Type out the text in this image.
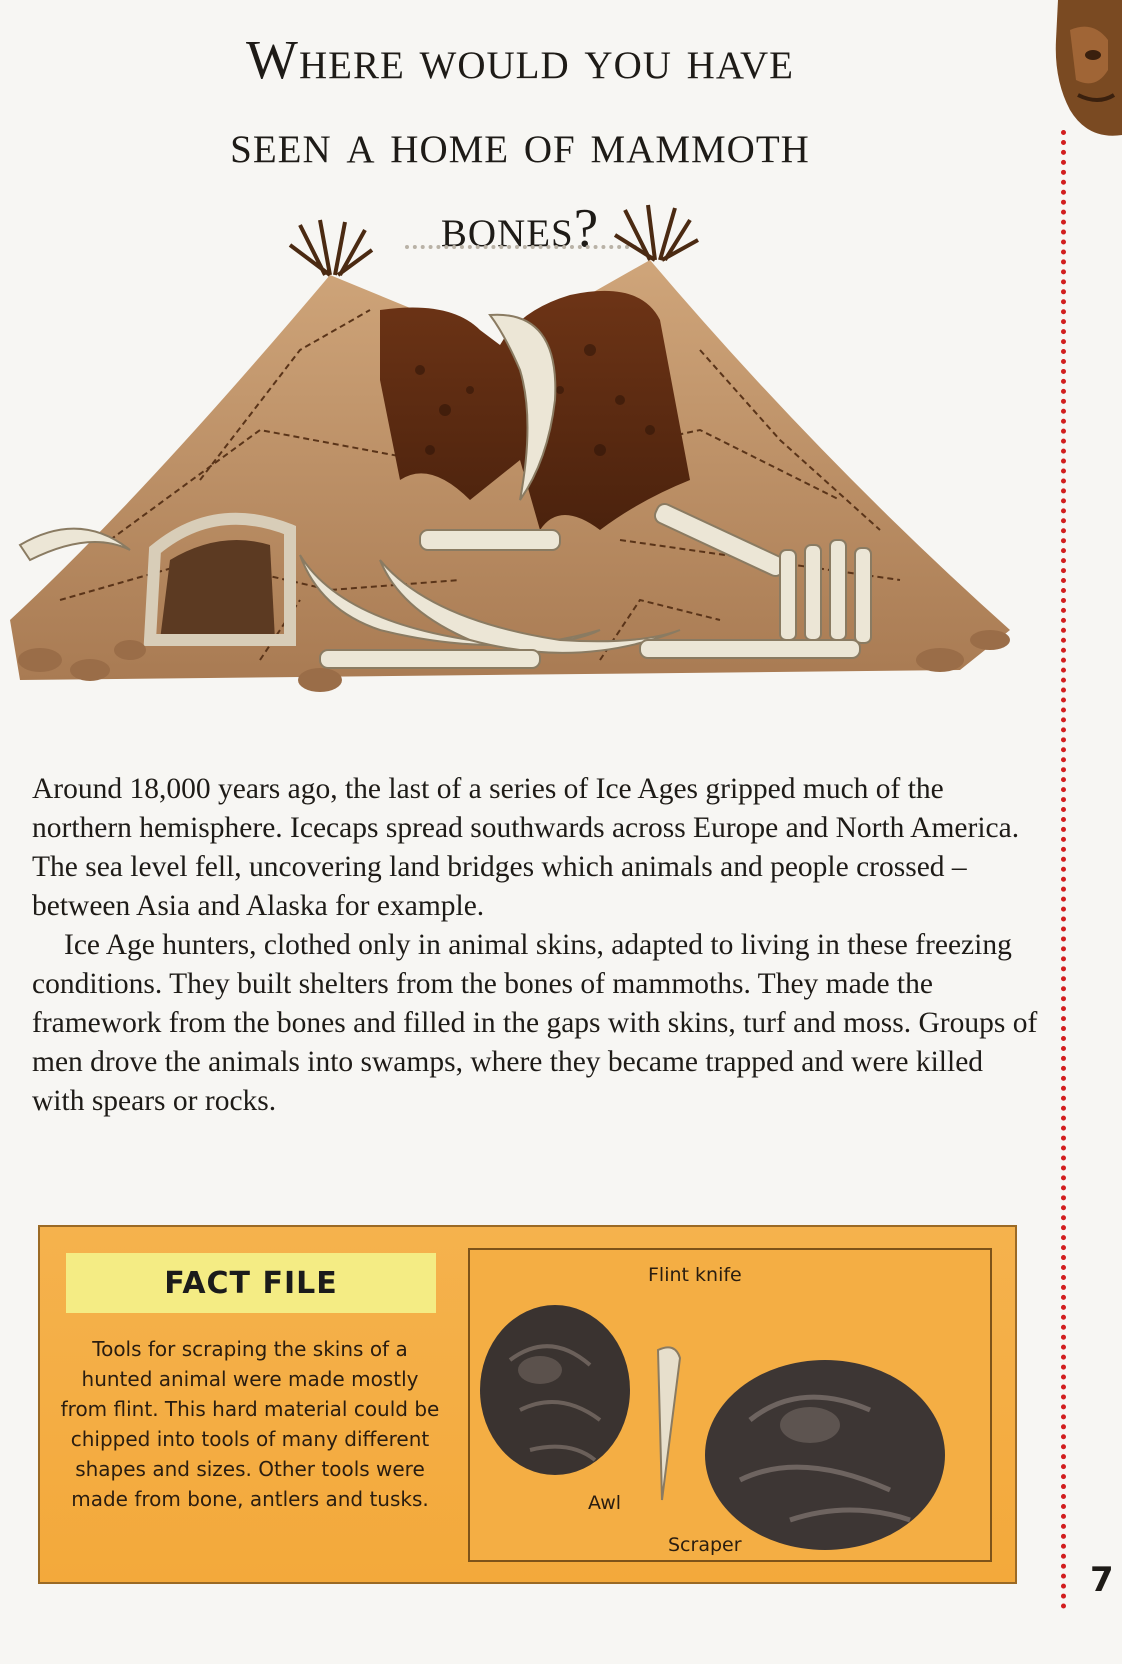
Where would you have
seen a home of mammoth
bones?

Around 18,000 years ago, the last of a series of Ice Ages gripped much of the northern hemisphere. Icecaps spread southwards across Europe and North America. The sea level fell, uncovering land bridges which animals and people crossed – between Asia and Alaska for example.

Ice Age hunters, clothed only in animal skins, adapted to living in these freezing conditions. They built shelters from the bones of mammoths. They made the framework from the bones and filled in the gaps with skins, turf and moss. Groups of men drove the animals into swamps, where they became trapped and were killed with spears or rocks.

FACT FILE
Tools for scraping the skins of a hunted animal were made mostly from flint. This hard material could be chipped into tools of many different shapes and sizes. Other tools were made from bone, antlers and tusks.
Flint knife
Awl
Scraper
7
